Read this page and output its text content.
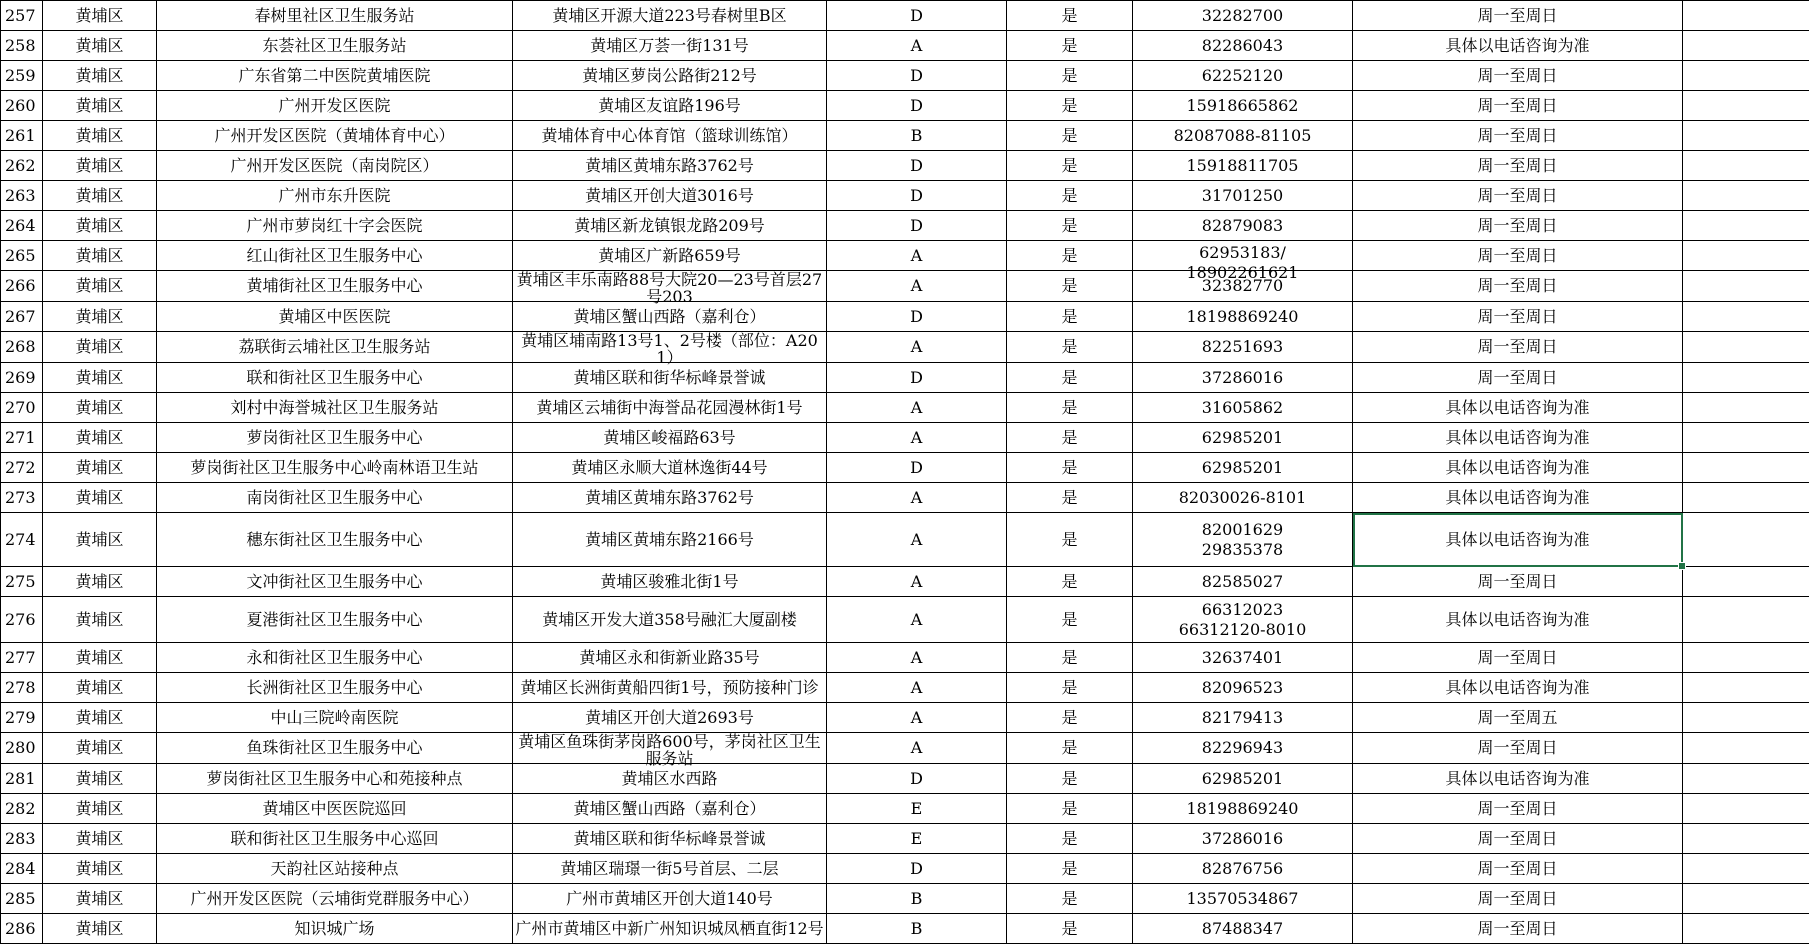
257	黄埔区	春树里社区卫生服务站	黄埔区开源大道223号春树里B区	D	是	32282700	周一至周日	

258	黄埔区	东荟社区卫生服务站	黄埔区万荟一街131号	A	是	82286043	具体以电话咨询为准	

259	黄埔区	广东省第二中医院黄埔医院	黄埔区萝岗公路街212号	D	是	62252120	周一至周日	

260	黄埔区	广州开发区医院	黄埔区友谊路196号	D	是	15918665862	周一至周日	

261	黄埔区	广州开发区医院（黄埔体育中心）	黄埔体育中心体育馆（篮球训练馆）	B	是	82087088-81105	周一至周日	

262	黄埔区	广州开发区医院（南岗院区）	黄埔区黄埔东路3762号	D	是	15918811705	周一至周日	

263	黄埔区	广州市东升医院	黄埔区开创大道3016号	D	是	31701250	周一至周日	

264	黄埔区	广州市萝岗红十字会医院	黄埔区新龙镇银龙路209号	D	是	82879083	周一至周日	

265	黄埔区	红山街社区卫生服务中心	黄埔区广新路659号	A	是	62953183/
18902261621	周一至周日	

266	黄埔区	黄埔街社区卫生服务中心	黄埔区丰乐南路88号大院20—23号首层27号203	A	是	32382770	周一至周日	

267	黄埔区	黄埔区中医医院	黄埔区蟹山西路（嘉利仓）	D	是	18198869240	周一至周日	

268	黄埔区	荔联街云埔社区卫生服务站	黄埔区埔南路13号1、2号楼（部位：A201）	A	是	82251693	周一至周日	

269	黄埔区	联和街社区卫生服务中心	黄埔区联和街华标峰景誉诚	D	是	37286016	周一至周日	

270	黄埔区	刘村中海誉城社区卫生服务站	黄埔区云埔街中海誉品花园漫林街1号	A	是	31605862	具体以电话咨询为准	

271	黄埔区	萝岗街社区卫生服务中心	黄埔区峻福路63号	A	是	62985201	具体以电话咨询为准	

272	黄埔区	萝岗街社区卫生服务中心岭南林语卫生站	黄埔区永顺大道林逸街44号	D	是	62985201	具体以电话咨询为准	

273	黄埔区	南岗街社区卫生服务中心	黄埔区黄埔东路3762号	A	是	82030026-8101	具体以电话咨询为准	

274	黄埔区	穗东街社区卫生服务中心	黄埔区黄埔东路2166号	A	是	82001629
29835378	具体以电话咨询为准	

275	黄埔区	文冲街社区卫生服务中心	黄埔区骏雅北街1号	A	是	82585027	周一至周日	

276	黄埔区	夏港街社区卫生服务中心	黄埔区开发大道358号融汇大厦副楼	A	是	66312023
66312120-8010	具体以电话咨询为准	

277	黄埔区	永和街社区卫生服务中心	黄埔区永和街新业路35号	A	是	32637401	周一至周日	

278	黄埔区	长洲街社区卫生服务中心	黄埔区长洲街黄船四街1号，预防接种门诊	A	是	82096523	具体以电话咨询为准	

279	黄埔区	中山三院岭南医院	黄埔区开创大道2693号	A	是	82179413	周一至周五	

280	黄埔区	鱼珠街社区卫生服务中心	黄埔区鱼珠街茅岗路600号，茅岗社区卫生服务站	A	是	82296943	周一至周日	

281	黄埔区	萝岗街社区卫生服务中心和苑接种点	黄埔区水西路	D	是	62985201	具体以电话咨询为准	

282	黄埔区	黄埔区中医医院巡回	黄埔区蟹山西路（嘉利仓）	E	是	18198869240	周一至周日	

283	黄埔区	联和街社区卫生服务中心巡回	黄埔区联和街华标峰景誉诚	E	是	37286016	周一至周日	

284	黄埔区	天韵社区站接种点	黄埔区瑞璟一街5号首层、二层	D	是	82876756	周一至周日	

285	黄埔区	广州开发区医院（云埔街党群服务中心）	广州市黄埔区开创大道140号	B	是	13570534867	周一至周日	

286	黄埔区	知识城广场	广州市黄埔区中新广州知识城凤栖直街12号	B	是	87488347	周一至周日	
